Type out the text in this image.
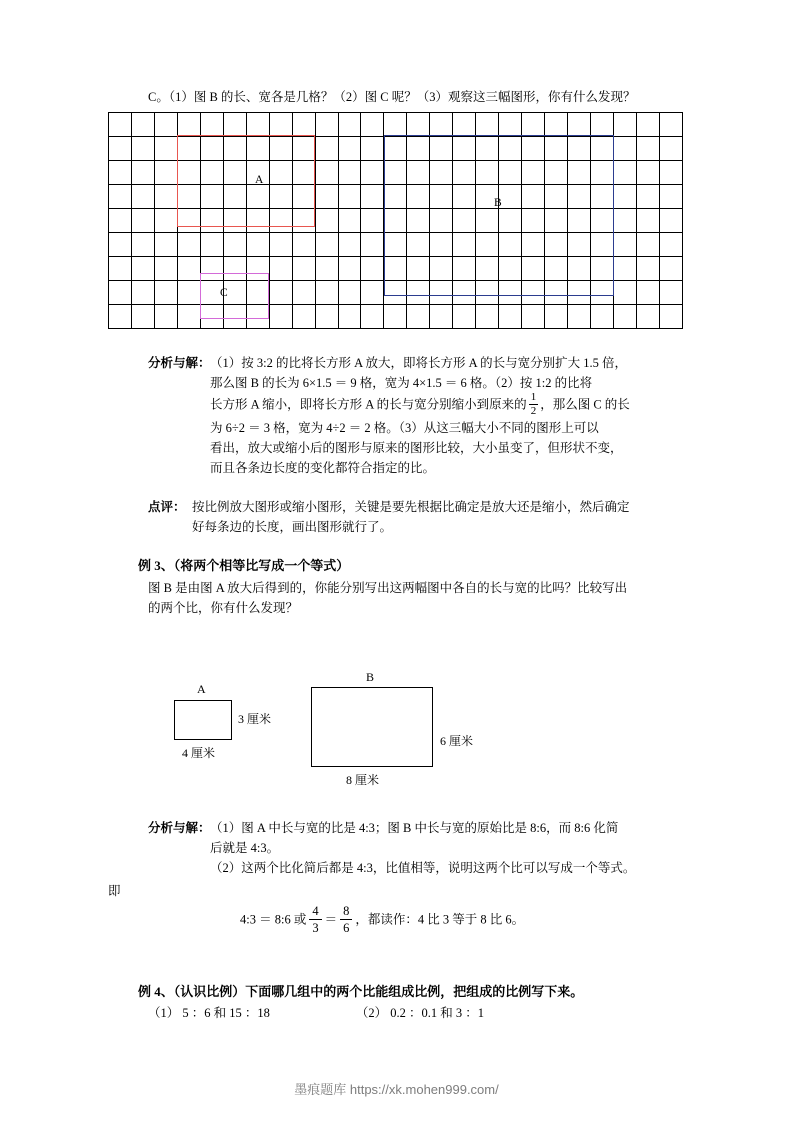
C。（1）图 B 的长、宽各是几格？（2）图 C 呢？（3）观察这三幅图形，你有什么发现？

A
B
C
分析与解： （1）按 3:2 的比将长方形 A 放大，即将长方形 A 的长与宽分别扩大 1.5 倍，
那么图 B 的长为 6×1.5 ＝ 9 格，宽为 4×1.5 ＝ 6 格。（2）按 1:2 的比将
长方形 A 缩小，即将长方形 A 的长与宽分别缩小到原来的 $\frac{1}{2}$ ，那么图 C 的长
为 6÷2 ＝ 3 格，宽为 4÷2 ＝ 2 格。（3）从这三幅大小不同的图形上可以
看出，放大或缩小后的图形与原来的图形比较，大小虽变了，但形状不变，
而且各条边长度的变化都符合指定的比。
点评： 按比例放大图形或缩小图形，关键是要先根据比确定是放大还是缩小，然后确定
好每条边的长度，画出图形就行了。
例 3、（将两个相等比写成一个等式）
图 B 是由图 A 放大后得到的，你能分别写出这两幅图中各自的长与宽的比吗？比较写出
的两个比，你有什么发现？
A
3 厘米
4 厘米
B
6 厘米
8 厘米
分析与解： （1）图 A 中长与宽的比是 4:3；图 B 中长与宽的原始比是 8:6，而 8:6 化简
后就是 4:3。
（2）这两个比化简后都是 4:3，比值相等，说明这两个比可以写成一个等式。
即
4:3 ＝ 8:6 或 $\frac{4}{3} = \frac{8}{6}$ ，都读作：4 比 3 等于 8 比 6。
例 4、（认识比例）下面哪几组中的两个比能组成比例，把组成的比例写下来。
（1） 5 ：6 和 15 ：18	（2） 0.2 ：0.1 和 3 ：1
墨痕题库 https://xk.mohen999.com/
